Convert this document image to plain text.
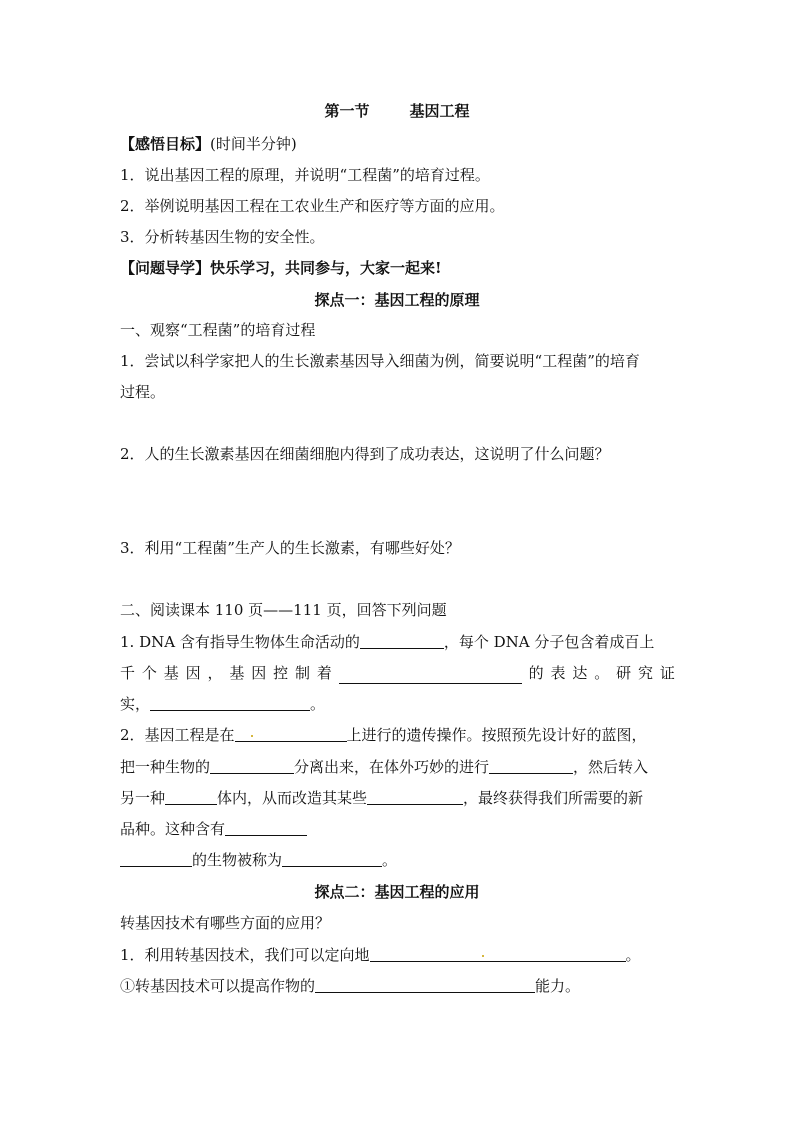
第一节	基因工程
【感悟目标】(时间半分钟)
1．说出基因工程的原理，并说明“工程菌”的培育过程。
2．举例说明基因工程在工农业生产和医疗等方面的应用。
3．分析转基因生物的安全性。
【问题导学】快乐学习，共同参与，大家一起来!
探点一：基因工程的原理
一、观察“工程菌”的培育过程
1．尝试以科学家把人的生长激素基因导入细菌为例，简要说明“工程菌”的培育
过程。
2．人的生长激素基因在细菌细胞内得到了成功表达，这说明了什么问题？
3．利用“工程菌”生产人的生长激素，有哪些好处？
二、阅读课本 110 页——111 页，回答下列问题
1. DNA 含有指导生物体生命活动的	，每个 DNA 分子包含着成百上
千 个 基 因 ， 基 因 控 制 着	的 表 达 。 研 究 证
实，	。
2．基因工程是在	上进行的遗传操作。按照预先设计好的蓝图，
把一种生物的	分离出来，在体外巧妙的进行	，然后转入
另一种	体内，从而改造其某些	，最终获得我们所需要的新
品种。这种含有
的生物被称为	。
探点二：基因工程的应用
转基因技术有哪些方面的应用？
1．利用转基因技术，我们可以定向地	。
①转基因技术可以提高作物的	能力。
